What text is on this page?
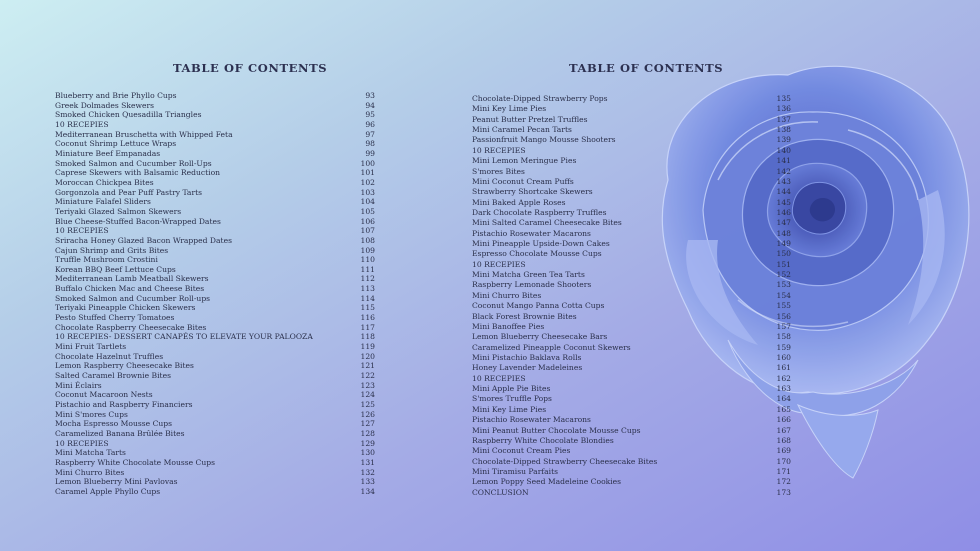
TABLE OF CONTENTS
Blueberry and Brie Phyllo Cups	93
Greek Dolmades Skewers	94
Smoked Chicken Quesadilla Triangles	95
10 RECEPIES	96
Mediterranean Bruschetta with Whipped Feta	97
Coconut Shrimp Lettuce Wraps	98
Miniature Beef Empanadas	99
Smoked Salmon and Cucumber Roll-Ups	100
Caprese Skewers with Balsamic Reduction	101
Moroccan Chickpea Bites	102
Gorgonzola and Pear Puff Pastry Tarts	103
Miniature Falafel Sliders	104
Teriyaki Glazed Salmon Skewers	105
Blue Cheese-Stuffed Bacon-Wrapped Dates	106
10 RECEPIES	107
Sriracha Honey Glazed Bacon Wrapped Dates	108
Cajun Shrimp and Grits Bites	109
Truffle Mushroom Crostini	110
Korean BBQ Beef Lettuce Cups	111
Mediterranean Lamb Meatball Skewers	112
Buffalo Chicken Mac and Cheese Bites	113
Smoked Salmon and Cucumber Roll-ups	114
Teriyaki Pineapple Chicken Skewers	115
Pesto Stuffed Cherry Tomatoes	116
Chocolate Raspberry Cheesecake Bites	117
10 RECEPIES- DESSERT CANAPÉS TO ELEVATE YOUR PALOOZA	118
Mini Fruit Tartlets	119
Chocolate Hazelnut Truffles	120
Lemon Raspberry Cheesecake Bites	121
Salted Caramel Brownie Bites	122
Mini Éclairs	123
Coconut Macaroon Nests	124
Pistachio and Raspberry Financiers	125
Mini S'mores Cups	126
Mocha Espresso Mousse Cups	127
Caramelized Banana Brûlée Bites	128
10 RECEPIES	129
Mini Matcha Tarts	130
Raspberry White Chocolate Mousse Cups	131
Mini Churro Bites	132
Lemon Blueberry Mini Pavlovas	133
Caramel Apple Phyllo Cups	134
TABLE OF CONTENTS
Chocolate-Dipped Strawberry Pops	135
Mini Key Lime Pies	136
Peanut Butter Pretzel Truffles	137
Mini Caramel Pecan Tarts	138
Passionfruit Mango Mousse Shooters	139
10 RECEPIES	140
Mini Lemon Meringue Pies	141
S'mores Bites	142
Mini Coconut Cream Puffs	143
Strawberry Shortcake Skewers	144
Mini Baked Apple Roses	145
Dark Chocolate Raspberry Truffles	146
Mini Salted Caramel Cheesecake Bites	147
Pistachio Rosewater Macarons	148
Mini Pineapple Upside-Down Cakes	149
Espresso Chocolate Mousse Cups	150
10 RECEPIES	151
Mini Matcha Green Tea Tarts	152
Raspberry Lemonade Shooters	153
Mini Churro Bites	154
Coconut Mango Panna Cotta Cups	155
Black Forest Brownie Bites	156
Mini Banoffee Pies	157
Lemon Blueberry Cheesecake Bars	158
Caramelized Pineapple Coconut Skewers	159
Mini Pistachio Baklava Rolls	160
Honey Lavender Madeleines	161
10 RECEPIES	162
Mini Apple Pie Bites	163
S'mores Truffle Pops	164
Mini Key Lime Pies	165
Pistachio Rosewater Macarons	166
Mini Peanut Butter Chocolate Mousse Cups	167
Raspberry White Chocolate Blondies	168
Mini Coconut Cream Pies	169
Chocolate-Dipped Strawberry Cheesecake Bites	170
Mini Tiramisu Parfaits	171
Lemon Poppy Seed Madeleine Cookies	172
CONCLUSION	173
